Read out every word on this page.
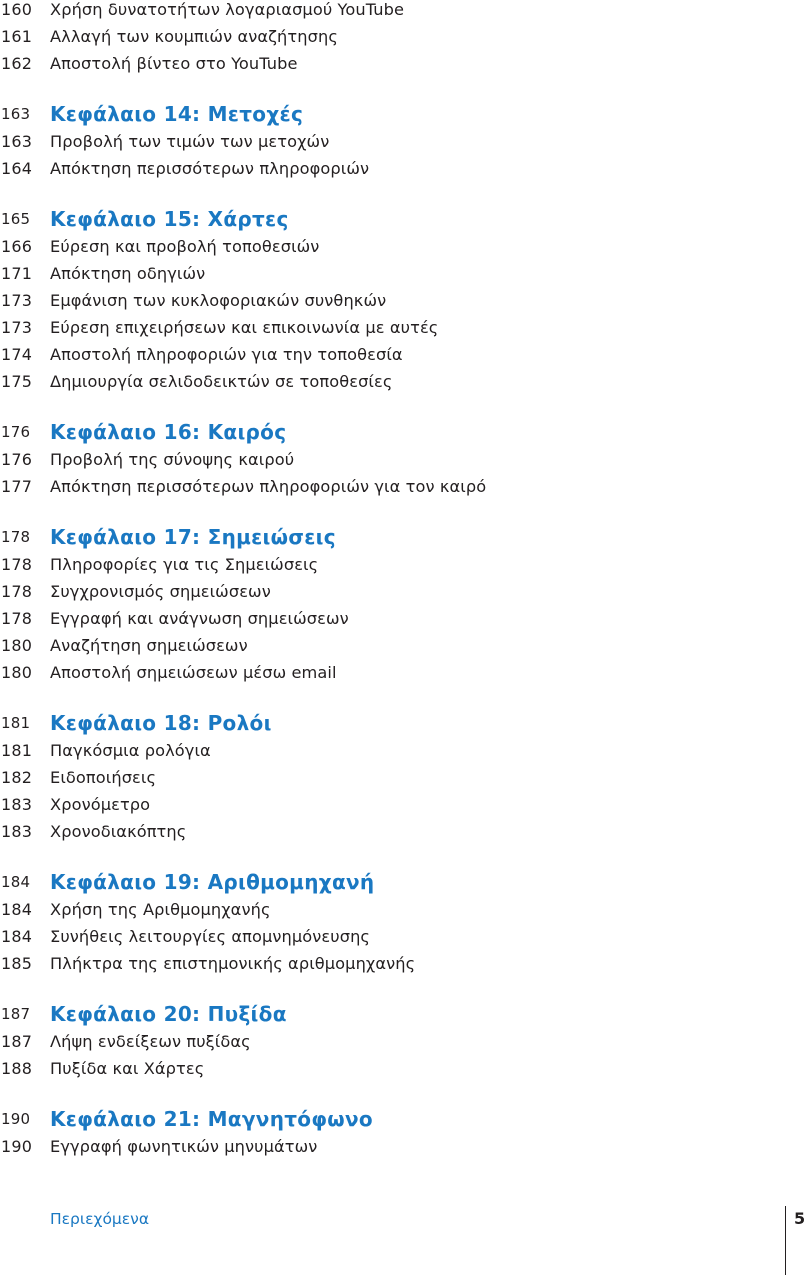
160	Χρήση δυνατοτήτων λογαριασμού YouTube
161	Αλλαγή των κουμπιών αναζήτησης
162	Αποστολή βίντεο στο YouTube
163 Κεφάλαιο 14: Μετοχές
163	Προβολή των τιμών των μετοχών
164	Απόκτηση περισσότερων πληροφοριών
165 Κεφάλαιο 15: Χάρτες
166	Εύρεση και προβολή τοποθεσιών
171	Απόκτηση οδηγιών
173	Εμφάνιση των κυκλοφοριακών συνθηκών
173	Εύρεση επιχειρήσεων και επικοινωνία με αυτές
174	Αποστολή πληροφοριών για την τοποθεσία
175	Δημιουργία σελιδοδεικτών σε τοποθεσίες
176 Κεφάλαιο 16: Καιρός
176	Προβολή της σύνοψης καιρού
177	Απόκτηση περισσότερων πληροφοριών για τον καιρό
178 Κεφάλαιο 17: Σημειώσεις
178	Πληροφορίες για τις Σημειώσεις
178	Συγχρονισμός σημειώσεων
178	Εγγραφή και ανάγνωση σημειώσεων
180	Αναζήτηση σημειώσεων
180	Αποστολή σημειώσεων μέσω email
181 Κεφάλαιο 18: Ρολόι
181	Παγκόσμια ρολόγια
182	Ειδοποιήσεις
183	Χρονόμετρο
183	Χρονοδιακόπτης
184 Κεφάλαιο 19: Αριθμομηχανή
184	Χρήση της Αριθμομηχανής
184	Συνήθεις λειτουργίες απομνημόνευσης
185	Πλήκτρα της επιστημονικής αριθμομηχανής
187 Κεφάλαιο 20: Πυξίδα
187	Λήψη ενδείξεων πυξίδας
188	Πυξίδα και Χάρτες
190 Κεφάλαιο 21: Μαγνητόφωνο
190	Εγγραφή φωνητικών μηνυμάτων
Περιεχόμενα	5
